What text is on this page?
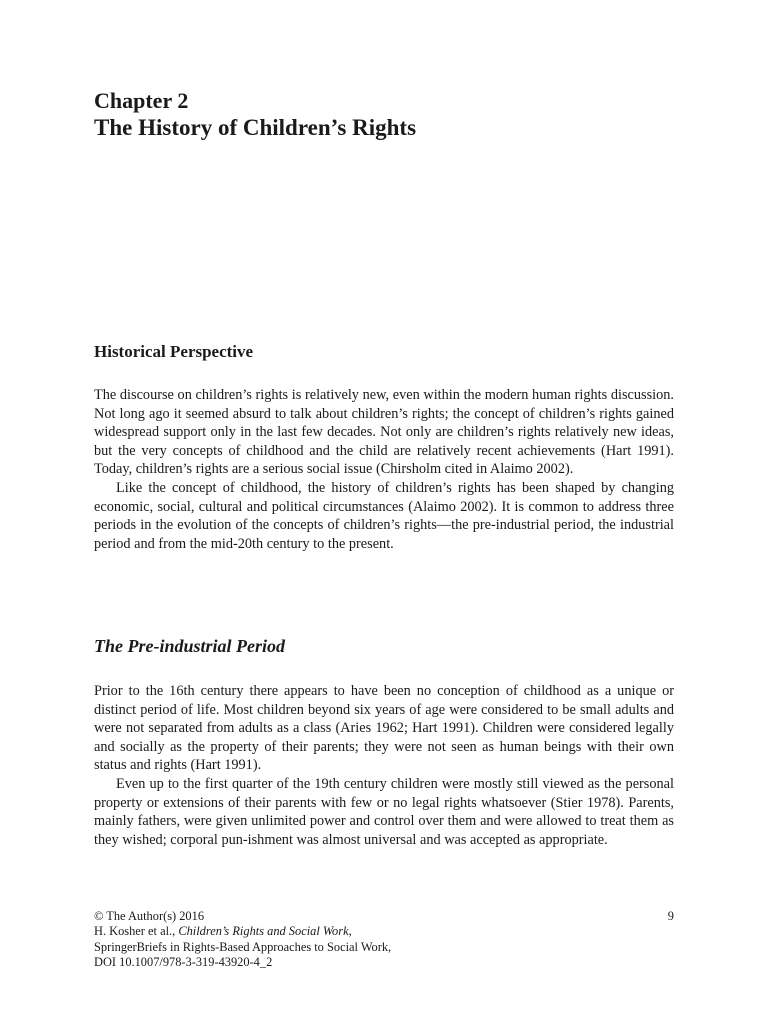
Chapter 2
The History of Children’s Rights
Historical Perspective

The discourse on children’s rights is relatively new, even within the modern human rights discussion. Not long ago it seemed absurd to talk about children’s rights; the concept of children’s rights gained widespread support only in the last few decades. Not only are children’s rights relatively new ideas, but the very concepts of childhood and the child are relatively recent achievements (Hart 1991). Today, children’s rights are a serious social issue (Chirsholm cited in Alaimo 2002).

Like the concept of childhood, the history of children’s rights has been shaped by changing economic, social, cultural and political circumstances (Alaimo 2002). It is common to address three periods in the evolution of the concepts of children’s rights—the pre-industrial period, the industrial period and from the mid-20th century to the present.

The Pre-industrial Period

Prior to the 16th century there appears to have been no conception of childhood as a unique or distinct period of life. Most children beyond six years of age were considered to be small adults and were not separated from adults as a class (Aries 1962; Hart 1991). Children were considered legally and socially as the property of their parents; they were not seen as human beings with their own status and rights (Hart 1991).

Even up to the first quarter of the 19th century children were mostly still viewed as the personal property or extensions of their parents with few or no legal rights whatsoever (Stier 1978). Parents, mainly fathers, were given unlimited power and control over them and were allowed to treat them as they wished; corporal pun-ishment was almost universal and was accepted as appropriate.

© The Author(s) 2016	9
H. Kosher et al., Children’s Rights and Social Work,
SpringerBriefs in Rights-Based Approaches to Social Work,
DOI 10.1007/978-3-319-43920-4_2
